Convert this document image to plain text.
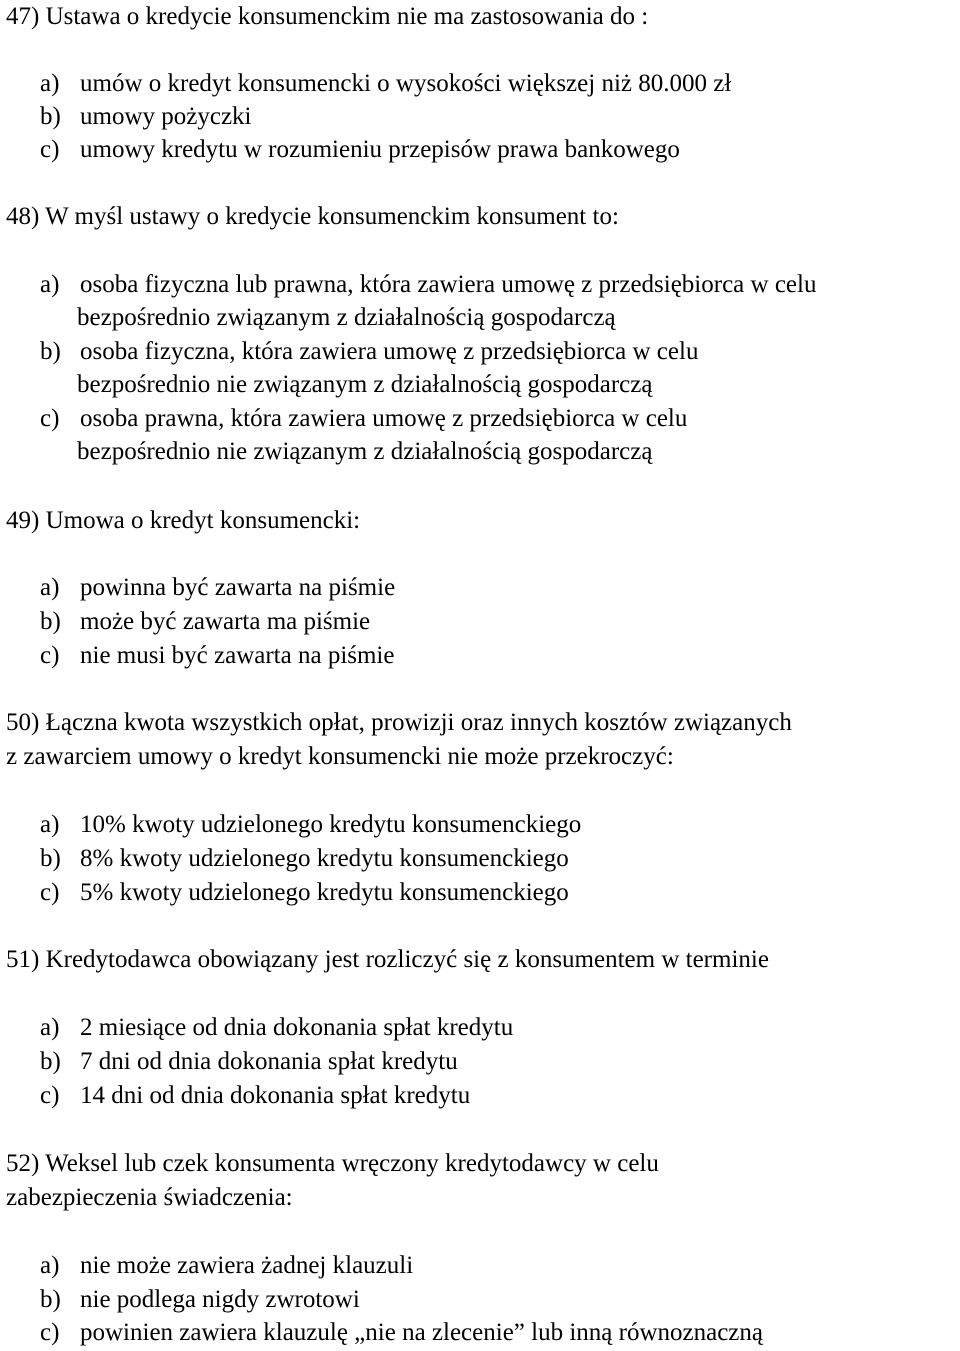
47) Ustawa o kredycie konsumenckim nie ma zastosowania do :
a) umów o kredyt konsumencki o wysokości większej niż 80.000 zł
b) umowy pożyczki
c) umowy kredytu w rozumieniu przepisów prawa bankowego
48) W myśl ustawy o kredycie konsumenckim konsument to:
a) osoba fizyczna lub prawna, która zawiera umowę z przedsiębiorca w celu
bezpośrednio związanym z działalnością gospodarczą
b) osoba fizyczna, która zawiera umowę z przedsiębiorca w celu
bezpośrednio nie związanym z działalnością gospodarczą
c) osoba prawna, która zawiera umowę z przedsiębiorca w celu
bezpośrednio nie związanym z działalnością gospodarczą
49) Umowa o kredyt konsumencki:
a) powinna być zawarta na piśmie
b) może być zawarta ma piśmie
c) nie musi być zawarta na piśmie
50) Łączna kwota wszystkich opłat, prowizji oraz innych kosztów związanych
z zawarciem umowy o kredyt konsumencki nie może przekroczyć:
a) 10% kwoty udzielonego kredytu konsumenckiego
b) 8% kwoty udzielonego kredytu konsumenckiego
c) 5% kwoty udzielonego kredytu konsumenckiego
51) Kredytodawca obowiązany jest rozliczyć się z konsumentem w terminie
a) 2 miesiące od dnia dokonania spłat kredytu
b) 7 dni od dnia dokonania spłat kredytu
c) 14 dni od dnia dokonania spłat kredytu
52) Weksel lub czek konsumenta wręczony kredytodawcy w celu
zabezpieczenia świadczenia:
a) nie może zawiera żadnej klauzuli
b) nie podlega nigdy zwrotowi
c) powinien zawiera klauzulę „nie na zlecenie” lub inną równoznaczną
